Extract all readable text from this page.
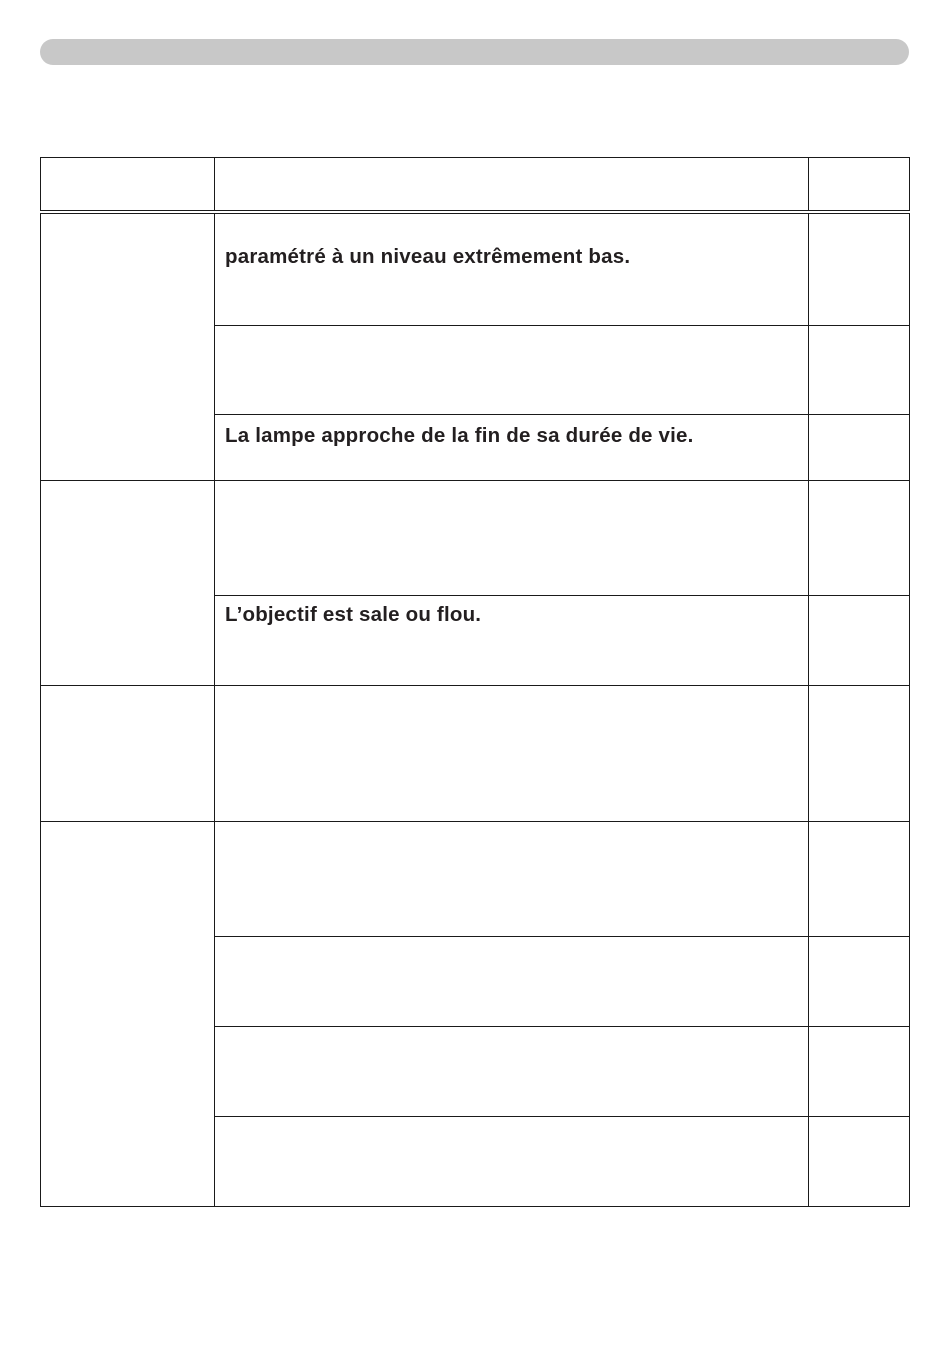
	paramétré à un niveau extrêmement bas.	

	La lampe approche de la fin de sa durée de vie.	

	L’objectif est sale ou flou.	
